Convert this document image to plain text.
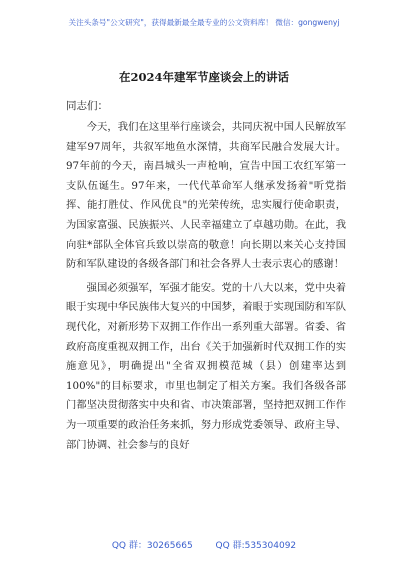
关注头条号"公文研究"，获得最新最全最专业的公文资料库！ 微信：gongwenyj
在2024年建军节座谈会上的讲话
同志们：

今天，我们在这里举行座谈会，共同庆祝中国人民解放军建军97周年，共叙军地鱼水深情，共商军民融合发展大计。97年前的今天，南昌城头一声枪响，宣告中国工农红军第一支队伍诞生。97年来，一代代革命军人继承发扬着"听党指挥、能打胜仗、作风优良"的光荣传统，忠实履行使命职责，为国家富强、民族振兴、人民幸福建立了卓越功勋。在此，我向驻*部队全体官兵致以崇高的敬意！向长期以来关心支持国防和军队建设的各级各部门和社会各界人士表示衷心的感谢！

强国必须强军，军强才能安。党的十八大以来，党中央着眼于实现中华民族伟大复兴的中国梦，着眼于实现国防和军队现代化，对新形势下双拥工作作出一系列重大部署。省委、省政府高度重视双拥工作，出台《关于加强新时代双拥工作的实施意见》，明确提出"全省双拥模范城（县）创建率达到100%"的目标要求，市里也制定了相关方案。我们各级各部门都坚决贯彻落实中央和省、市决策部署，坚持把双拥工作作为一项重要的政治任务来抓，努力形成党委领导、政府主导、部门协调、社会参与的良好

QQ 群：30265665	QQ 群:535304092
